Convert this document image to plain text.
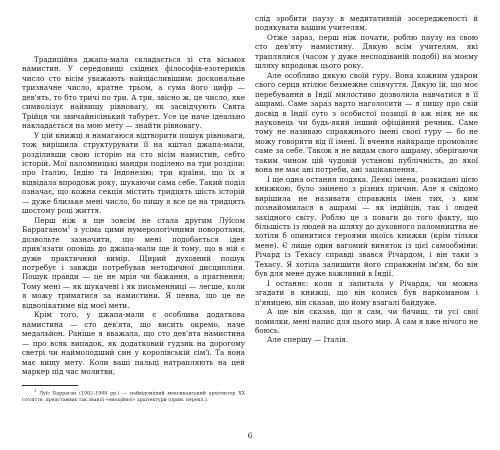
Традиційна джапа-мала складається зі ста вісьмох намистин. У середовищі східних філософів-езотериків число сто вісім уважають найщасливішим: доскональне тризначне число, кратне трьом, а сума його цифр — дев'ять, то бто тричі по три. А три, звісно ж, це число, яке символізує найвищу рівновагу, як засвідчують Свята Трійця чи звичайнісінький табурет. Усе це наче ідеально накладається на мою мету — знайти рівновагу.

У цій книжці я намагаюся відтворити пошук рівноваги, тож вирішила структурувати її на кштал джапа-мали, розділивши свою історію на сто вісім намистин, себто історій. Мої паломницькі мандри поділено на три розділи: про Італію, Індію та Індонезію; три країни, що їх я відвідала впродовж року, шукаючи сама себе. Такий поділ означає, що кожна секція містить тридцять шість історій — дуже близьке мені число, бо пишу я все це на тридцять шостому році життя.

Перш ніж я ще зовсім не стала другим Лу́їсом Барраганом$^1$ з усіма цими нумерологічними поворотами, дозвольте зазначити, що мені подобається ідея прив'язати оповідь до джапа-мали ще й тому, що в ній є дуже практичний вимір. Щирий духовний пошук потребує і завжди потребував методичної дисципліни. Пошук правди — це не мрія чи бажання, а прагнення; Тому мені — як шукачеві і як письменниці — легше, коли я можу триматися за намистини. Я певна, що це не відволікатиме від моєї мети.

Крім того, у джапа-мали є особлива додаткова намистина — сто дев'ята, що висить окремо, наче медальйон. Раніше я вважала, що сто дев'ята намистина — про всяк випадок, як додатковий гудзик на дорогому светрі чи наймолодший син у королівській сім'ї. Та вона має вищу мету. Коли ваші пальці натрапляють на цей маркер під час молитви,

$^1$ Луїс Барраган (1902–1988 рр.) — найвідоміший мексиканський архітектор XX століття, представник так званої «емоційної» архітектури (прим. перекл.).

слід зробити паузу в медитативній зосередженості й подякувати вашим учителям.

Отже зараз, перш ніж почати, роблю паузу на свою сто дев'яту намистину. Дякую всім учителям, які траплялися (часом у дуже несподіваній подобі) на моєму шляху впродовж цього року.

Але особливо дякую своїй гуру. Вона кожним ударом свого серця втілює безмежне співчуття. Дякую їй, що моє перебування в Індії милостиво дозволила навчатися в її ашрамі. Саме зараз варто наголосити — я пишу про свій досвід в Індії суто з особистої позиції й аж ніяк не як науковець чи будь-який інший офіційний речник. Саме тому не називаю справжнього імені своєї гуру — бо не можу говорити від її імені. Її вчення найкраще промовляє саме за себе. Також я не видам свого ашраму, зберігаючи таким чином цій чудовій установі публічність, до якої вона не має ані потреби, ані зацікавлення.

І ще одна остання подяка. Деякі імена, розкидані цією книжкою, було змінено з різних причин. Але я свідомо вирішила не називати справжніх імен тих, з ким познайомилася в ашрамі — як індійців, так і людей західного світу. Роблю це з поваги до того факту, що більшість із людей на шляху до духовного паломництва не хотіли б опинитися героями якоїсь книжки (крім тільки мене). Є лише один вагомий виняток із цієї самообміни: Річард із Техасу справді звався Річардом, і він таки з Техасу. Я хотіла залишити його справжнім ім'ям, бо він був для мене дуже важливий в Індії.

І останнє: коли я запитала у Річарда, чи можна згадати в книжці, що він колись був наркоманом і п'яницею, він сказав, що йому взагалі байдуже.

А ще він сказав, що я сам, чи бачиш, ти усі свої помилки, мені напис для цього мир. А сам я вже нічого не боюсь.

Але спершу — Італія.

6
